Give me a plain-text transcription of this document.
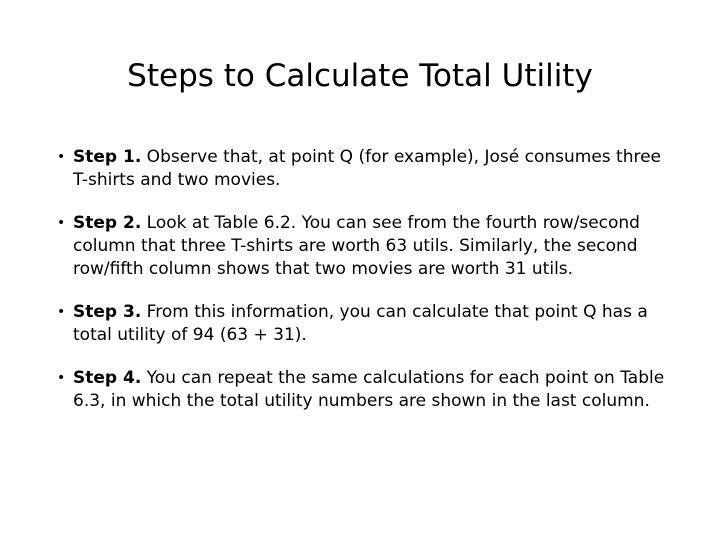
Steps to Calculate Total Utility
• Step 1. Observe that, at point Q (for example), José consumes three T-shirts and two movies.
• Step 2. Look at Table 6.2. You can see from the fourth row/second column that three T-shirts are worth 63 utils. Similarly, the second row/fifth column shows that two movies are worth 31 utils.
• Step 3. From this information, you can calculate that point Q has a total utility of 94 (63 + 31).
• Step 4. You can repeat the same calculations for each point on Table 6.3, in which the total utility numbers are shown in the last column.
